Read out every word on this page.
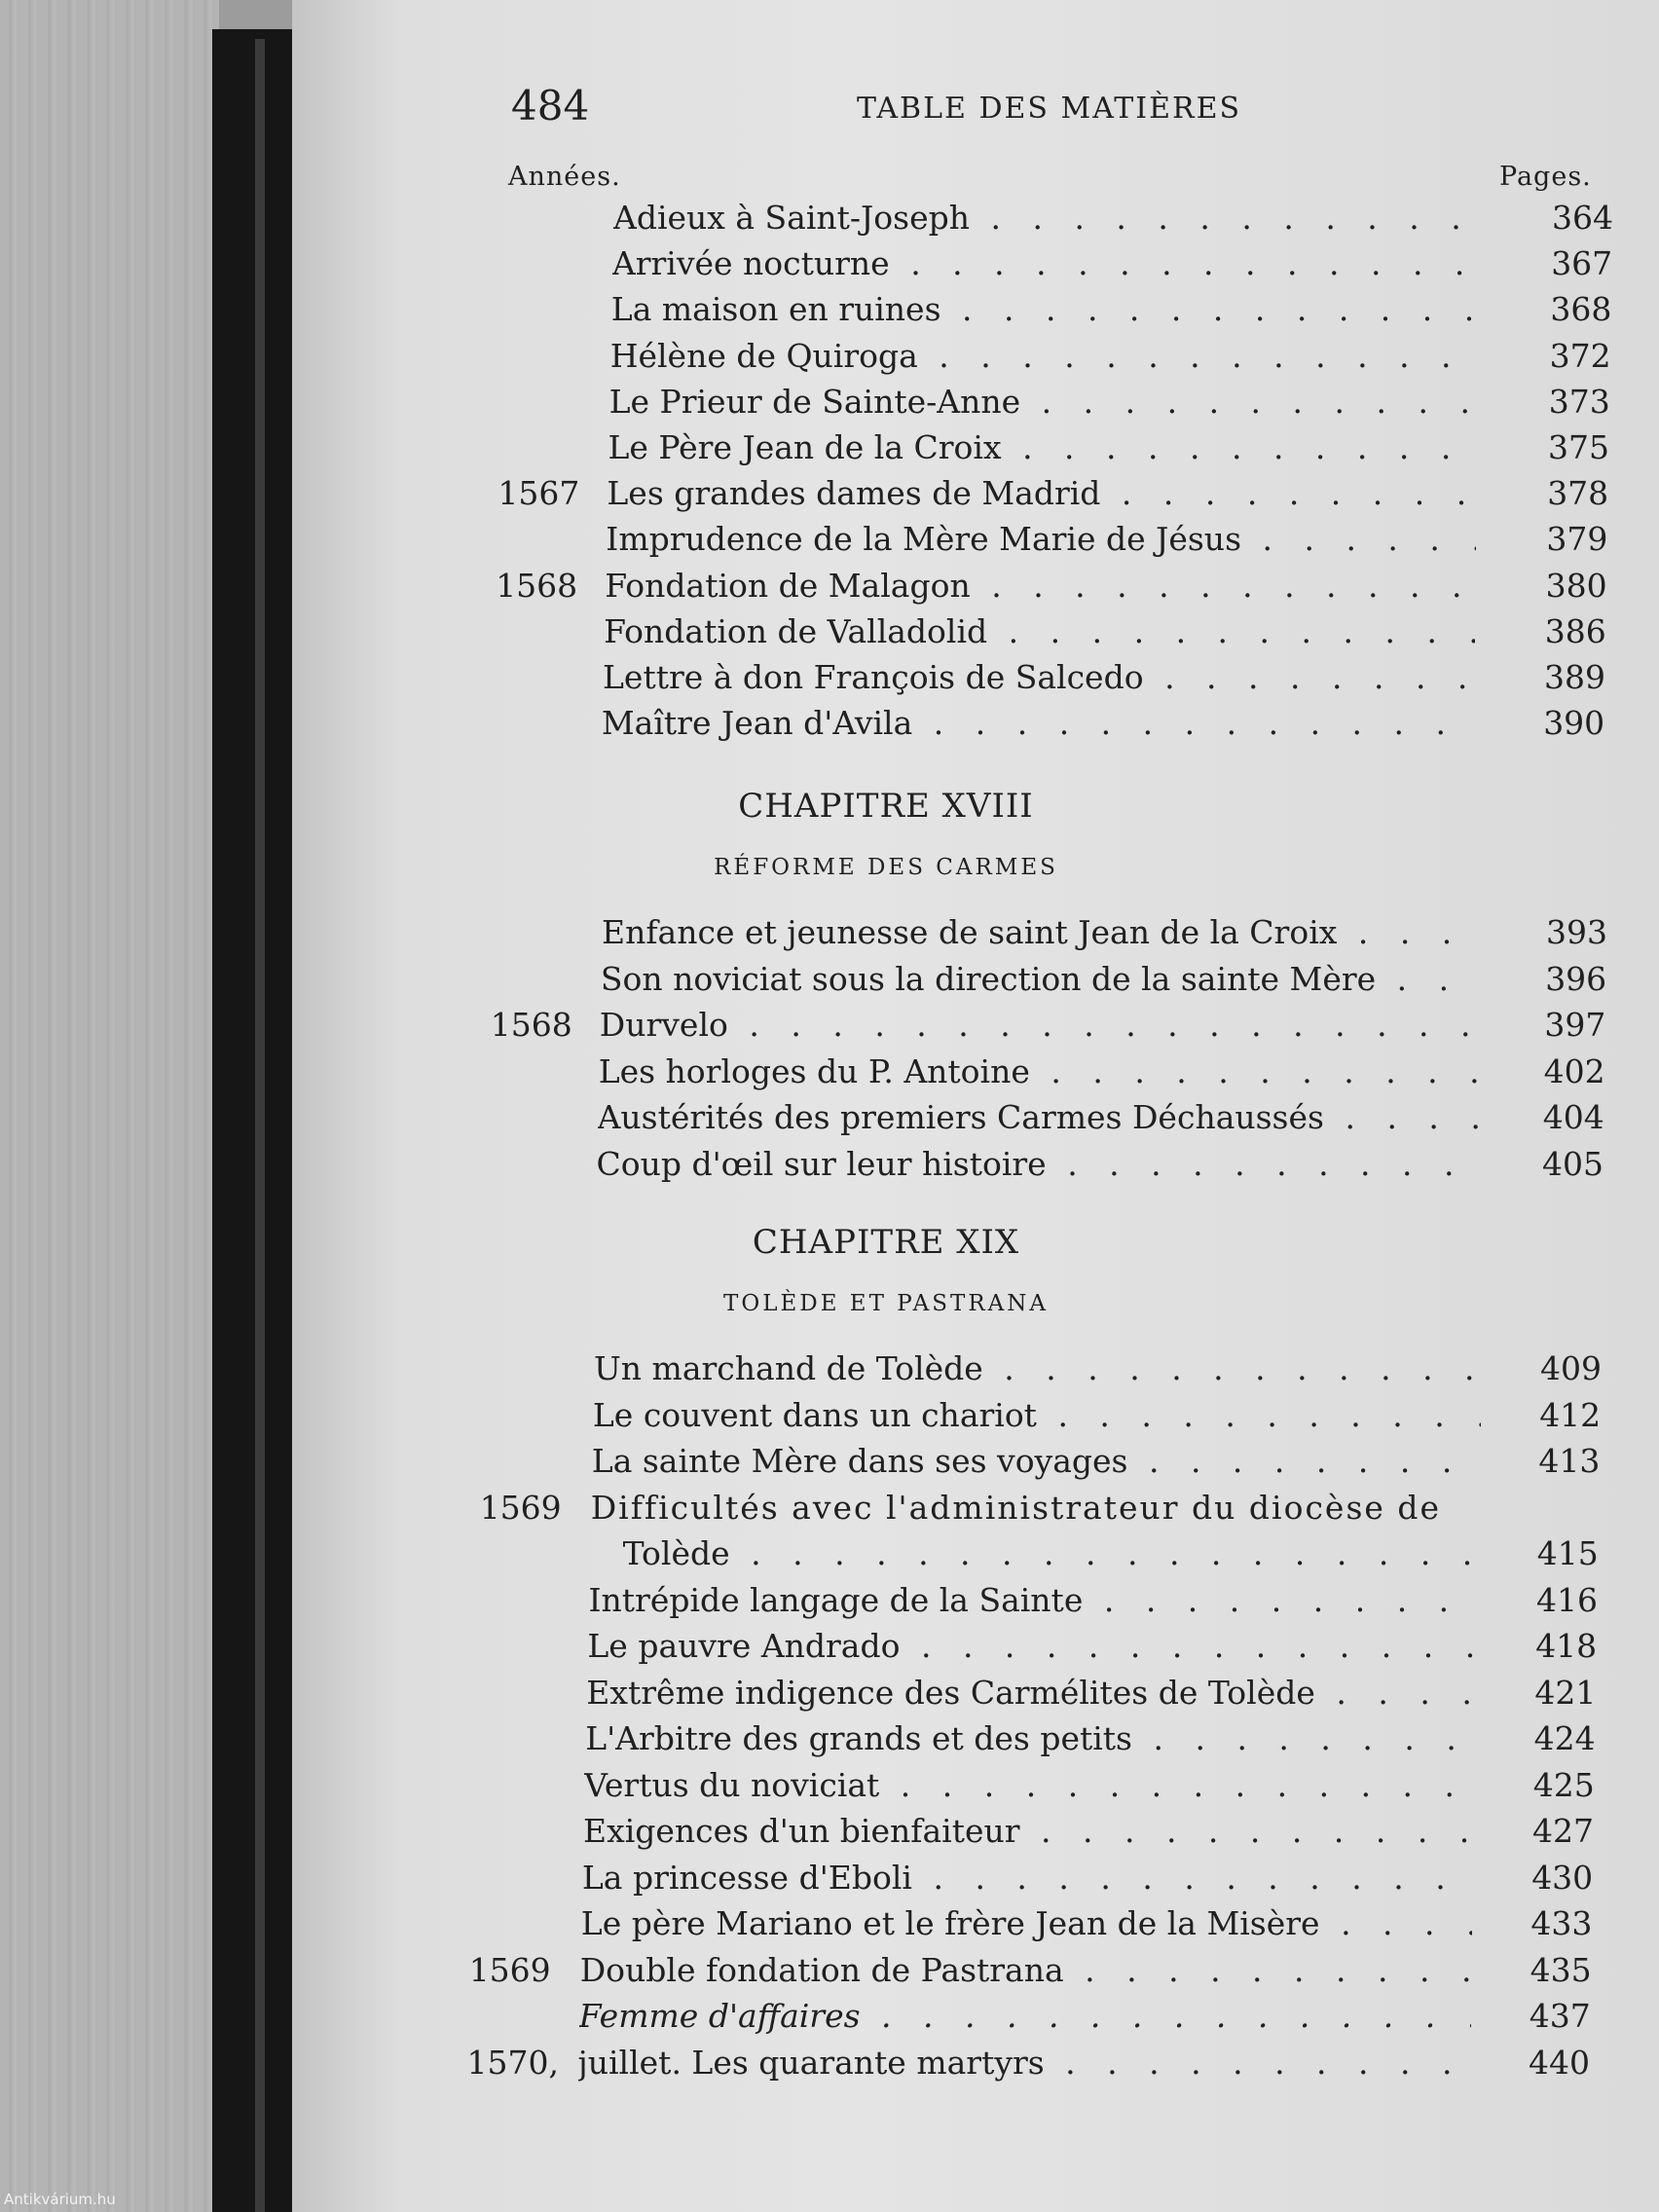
484	TABLE DES MATIÈRES
Années.	Pages.
CHAPITRE XVIII
RÉFORME DES CARMES
CHAPITRE XIX
TOLÈDE ET PASTRANA
Adieux à Saint-Joseph . . .	364
Arrivée nocturne . . .	367
La maison en ruines . . .	368
Hélène de Quiroga . . .	372
Le Prieur de Sainte-Anne . . .	373
Le Père Jean de la Croix . . .	375
1567 Les grandes dames de Madrid . . .	378
Imprudence de la Mère Marie de Jésus . . .	379
1568 Fondation de Malagon . . .	380
Fondation de Valladolid . . .	386
Lettre à don François de Salcedo . . .	389
Maître Jean d'Avila . . .	390
Enfance et jeunesse de saint Jean de la Croix . . .	393
Son noviciat sous la direction de la sainte Mère . . .	396
1568 Durvelo . . .	397
Les horloges du P. Antoine . . .	402
Austérités des premiers Carmes Déchaussés . . .	404
Coup d'œil sur leur histoire . . .	405
Un marchand de Tolède . . .	409
Le couvent dans un chariot . . .	412
La sainte Mère dans ses voyages . . .	413
1569 Difficultés avec l'administrateur du diocèse de
Tolède . . .	415
Intrépide langage de la Sainte . . .	416
Le pauvre Andrado . . .	418
Extrême indigence des Carmélites de Tolède . . .	421
L'Arbitre des grands et des petits . . .	424
Vertus du noviciat . . .	425
Exigences d'un bienfaiteur . . .	427
La princesse d'Eboli . . .	430
Le père Mariano et le frère Jean de la Misère . . .	433
1569 Double fondation de Pastrana . . .	435
Femme d'affaires . . .	437
1570, juillet. Les quarante martyrs . . .	440
Antikvárium.hu
